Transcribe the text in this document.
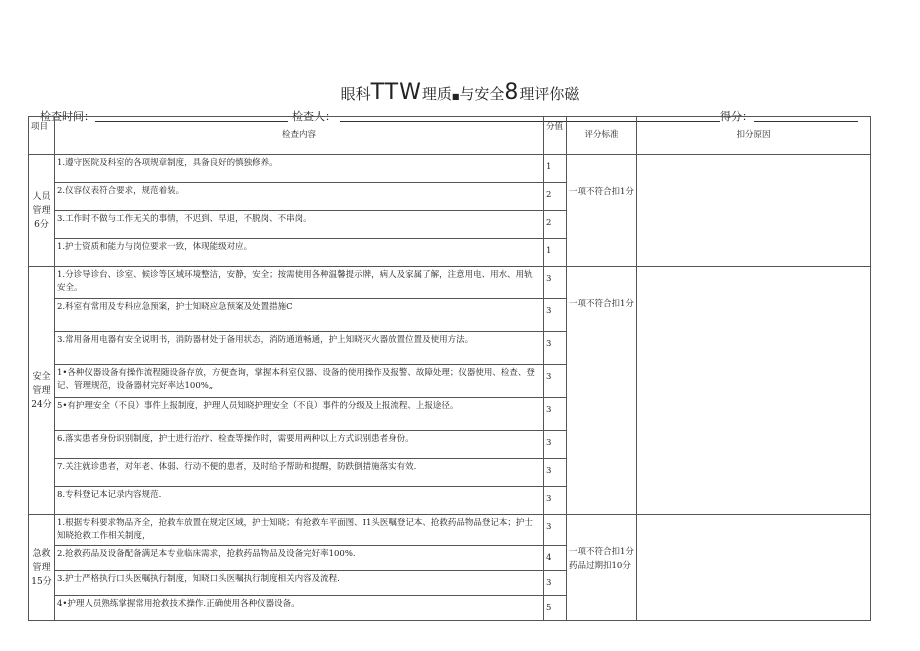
眼科TTW理质■与安全8理评你磁
检查时间：	检查人：	得分：
项目	检查内容	分值	评分标准	扣分原因
人员管理6分	1.遵守医院及科室的各项规章制度，具备良好的慎独修养。	1	一项不符合扣1分	
	2.仪容仪表符合要求，规范着装。	2		
	3.工作时不做与工作无关的事情，不迟到、早退，不脱岗、不串岗。	2		
	1.护士资质和能力与岗位要求一致，体现能级对应。	1		
安全管理24分	1.分诊导诊台、诊室、候诊等区域环境整洁，安静，安全；按需使用各种温馨提示牌，病人及家属了解，注意用电、用水、用轨安全。	3	一项不符合扣1分	
	2.科室有常用及专科应急预案，护士知晓应急预案及处置措施C	3		
	3.常用备用电器有安全说明书，消防器材处于备用状态，消防通道畅通，护上知晓灭火器放置位置及使用方法。	3		
	1•各种仪器设备有操作流程随设备存放，方便查询，掌握本科室仪器、设备的使用操作及报警、故障处理；仪器使用、检查、登记、管理规范，设备器材完好率达100%„	3		
	5•有护理安全（不良）事件上报制度，护理人员知晓护理安全（不良）事件的分级及上报流程、上报途径。	3		
	6.落实患者身份识别制度，护士进行治疗、检查等操作时，需要用两种以上方式识别患者身份。	3		
	7.关注就诊患者，对年老、体弱、行动不便的患者，及时给予帮助和提醒，防跌倒措施落实有效.	3		
	8.专科登记本记录内容规范.	3		
急救管理15分	1.根据专科要求物品齐全，抢救车放置在规定区域，护士知晓；有抢救车平面图、I1头医嘱登记本、抢救药品物品登记本；护士知晓抢救工作相关制度，	3	一项不符合扣1分
药品过期扣10分	
	2.抢救药品及设备配备满足本专业临床需求，抢救药品物品及设备完好率100%.	4		
	3.护士严格执行口头医嘱执行制度，知晓口头医嘱执行制度相关内容及流程.	3		
	4•护理人员熟练掌握常用抢救技术操作.正确使用各种仪器设备。	5		
